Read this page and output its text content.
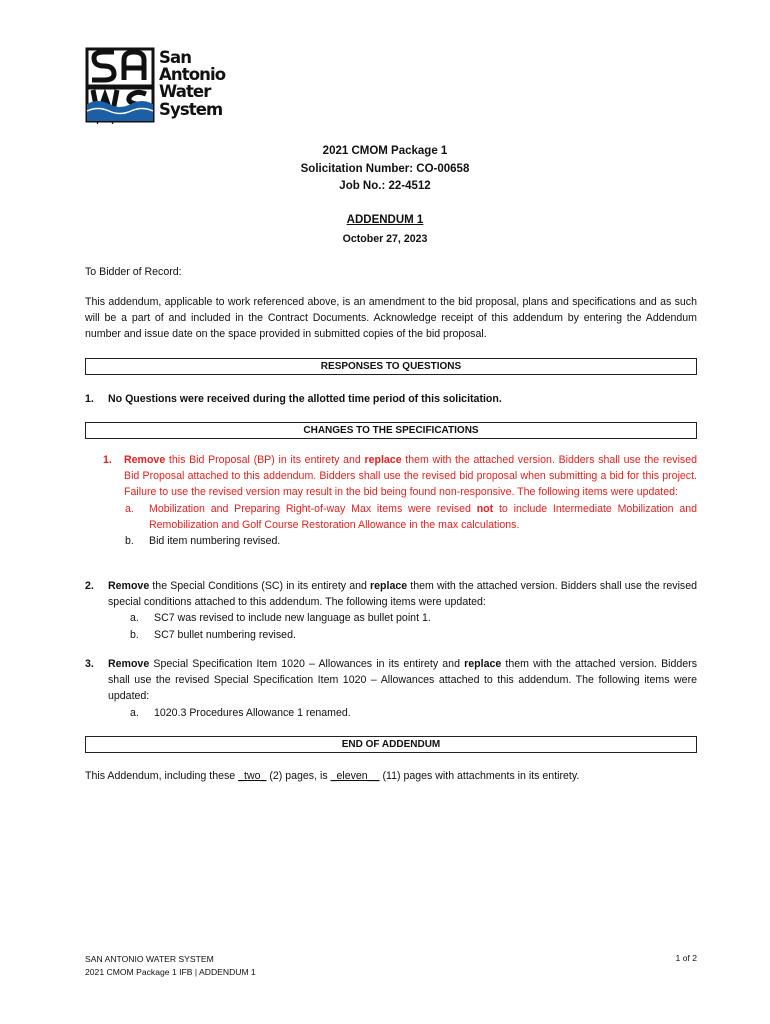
San
Antonio
Water
System
2021 CMOM Package 1
Solicitation Number: CO-00658
Job No.: 22-4512
ADDENDUM 1
October 27, 2023
To Bidder of Record:
This addendum, applicable to work referenced above, is an amendment to the bid proposal, plans and specifications and as such will be a part of and included in the Contract Documents. Acknowledge receipt of this addendum by entering the Addendum number and issue date on the space provided in submitted copies of the bid proposal.
RESPONSES TO QUESTIONS
1. No Questions were received during the allotted time period of this solicitation.
CHANGES TO THE SPECIFICATIONS
1. Remove this Bid Proposal (BP) in its entirety and replace them with the attached version. Bidders shall use the revised Bid Proposal attached to this addendum. Bidders shall use the revised bid proposal when submitting a bid for this project. Failure to use the revised version may result in the bid being found non-responsive. The following items were updated:
a. Mobilization and Preparing Right-of-way Max items were revised not to include Intermediate Mobilization and Remobilization and Golf Course Restoration Allowance in the max calculations.
b. Bid item numbering revised.
2. Remove the Special Conditions (SC) in its entirety and replace them with the attached version. Bidders shall use the revised special conditions attached to this addendum. The following items were updated:
a. SC7 was revised to include new language as bullet point 1.
b. SC7 bullet numbering revised.
3. Remove Special Specification Item 1020 – Allowances in its entirety and replace them with the attached version. Bidders shall use the revised Special Specification Item 1020 – Allowances attached to this addendum. The following items were updated:
a. 1020.3 Procedures Allowance 1 renamed.
END OF ADDENDUM
This Addendum, including these _two_ (2) pages, is _eleven__ (11) pages with attachments in its entirety.
SAN ANTONIO WATER SYSTEM
2021 CMOM Package 1 IFB | ADDENDUM 1
1 of 2
